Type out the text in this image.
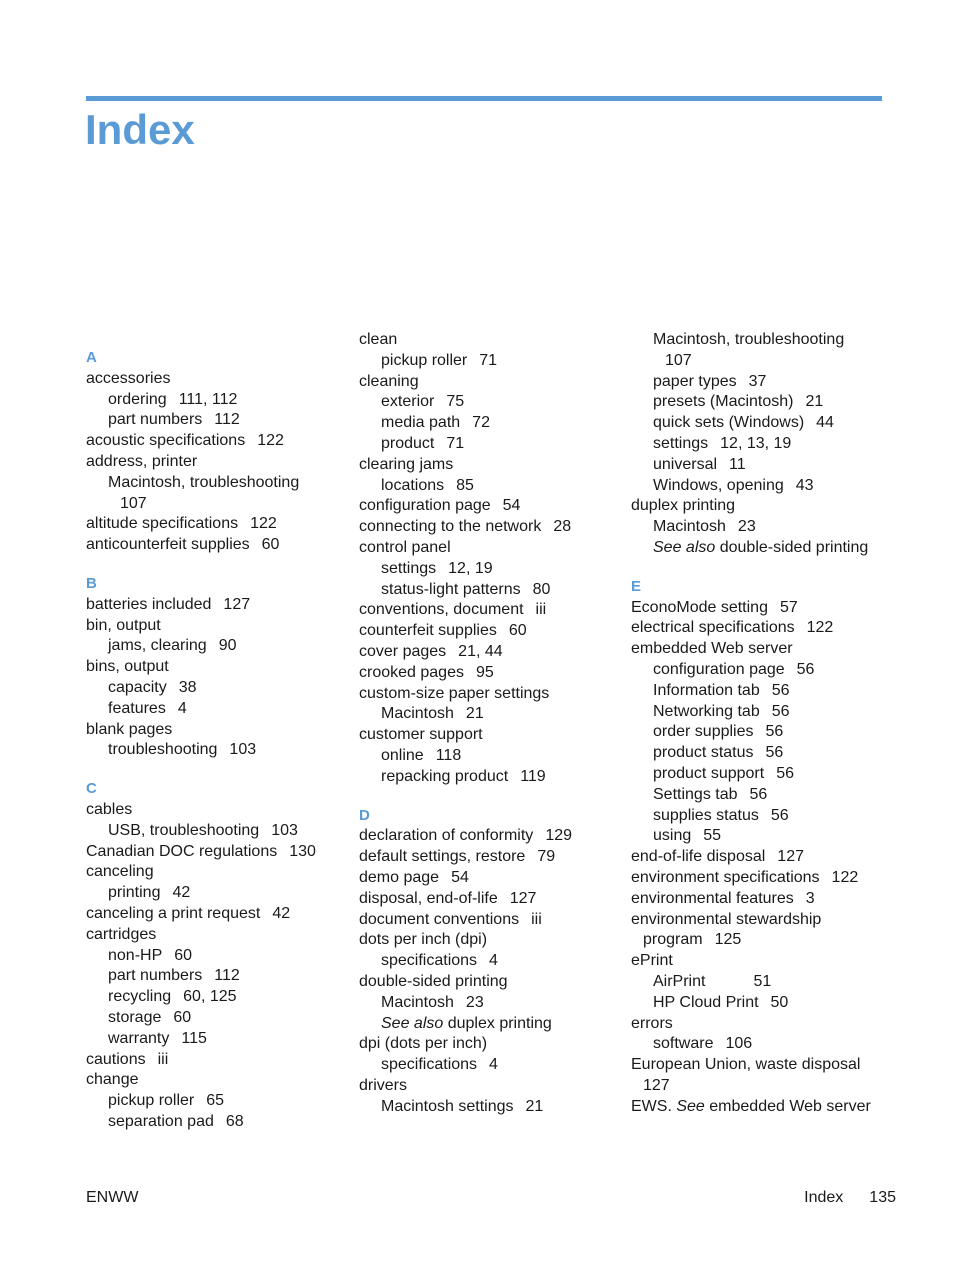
Index
A
accessories
ordering 111, 112
part numbers 112
acoustic specifications 122
address, printer
Macintosh, troubleshooting
107
altitude specifications 122
anticounterfeit supplies 60
B
batteries included 127
bin, output
jams, clearing 90
bins, output
capacity 38
features 4
blank pages
troubleshooting 103
C
cables
USB, troubleshooting 103
Canadian DOC regulations 130
canceling
printing 42
canceling a print request 42
cartridges
non-HP 60
part numbers 112
recycling 60, 125
storage 60
warranty 115
cautions iii
change
pickup roller 65
separation pad 68
clean
pickup roller 71
cleaning
exterior 75
media path 72
product 71
clearing jams
locations 85
configuration page 54
connecting to the network 28
control panel
settings 12, 19
status-light patterns 80
conventions, document iii
counterfeit supplies 60
cover pages 21, 44
crooked pages 95
custom-size paper settings
Macintosh 21
customer support
online 118
repacking product 119
D
declaration of conformity 129
default settings, restore 79
demo page 54
disposal, end-of-life 127
document conventions iii
dots per inch (dpi)
specifications 4
double-sided printing
Macintosh 23
See also duplex printing
dpi (dots per inch)
specifications 4
drivers
Macintosh settings 21
Macintosh, troubleshooting
107
paper types 37
presets (Macintosh) 21
quick sets (Windows) 44
settings 12, 13, 19
universal 11
Windows, opening 43
duplex printing
Macintosh 23
See also double-sided printing
E
EconoMode setting 57
electrical specifications 122
embedded Web server
configuration page 56
Information tab 56
Networking tab 56
order supplies 56
product status 56
product support 56
Settings tab 56
supplies status 56
using 55
end-of-life disposal 127
environment specifications 122
environmental features 3
environmental stewardship
program 125
ePrint
AirPrint	51
HP Cloud Print 50
errors
software 106
European Union, waste disposal
127
EWS. See embedded Web server
ENWW	Index 135
